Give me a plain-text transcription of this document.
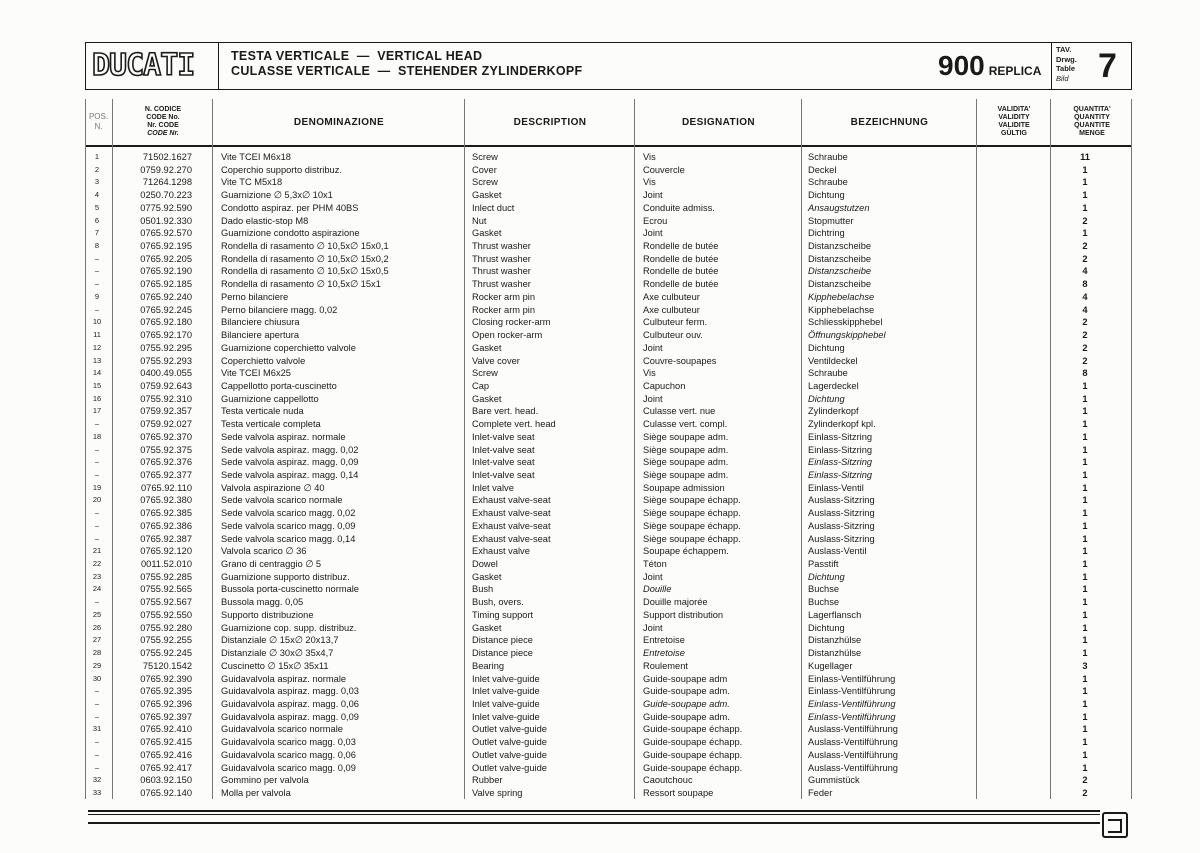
DUCATI	TESTA VERTICALE  —  VERTICAL HEAD
CULASSE VERTICALE  —  STEHENDER ZYLINDERKOPF	900 REPLICA
TAV.
Drwg.
Table
Bild 7
POS.
N.
N. CODICE
CODE No.
Nr. CODE
CODE Nr.
DENOMINAZIONE	DESCRIPTION	DESIGNATION	BEZEICHNUNG
VALIDITA'
VALIDITY
VALIDITE
GÜLTIG
QUANTITA'
QUANTITY
QUANTITE
MENGE
1	71502.1627	Vite TCEI M6x18	Screw	Vis	Schraube	11
2	0759.92.270	Coperchio supporto distribuz.	Cover	Couvercle	Deckel	1
3	71264.1298	Vite TC M5x18	Screw	Vis	Schraube	1
4	0250.70.223	Guarnizione ∅ 5,3x∅ 10x1	Gasket	Joint	Dichtung	1
5	0775.92.590	Condotto aspiraz. per PHM 40BS	Inlect duct	Conduite admiss.	Ansaugstutzen	1
6	0501.92.330	Dado elastic-stop M8	Nut	Ecrou	Stopmutter	2
7	0765.92.570	Guarnizione condotto aspirazione	Gasket	Joint	Dichtring	1
8	0765.92.195	Rondella di rasamento ∅ 10,5x∅ 15x0,1	Thrust washer	Rondelle de butée	Distanzscheibe	2
–	0765.92.205	Rondella di rasamento ∅ 10,5x∅ 15x0,2	Thrust washer	Rondelle de butée	Distanzscheibe	2
–	0765.92.190	Rondella di rasamento ∅ 10,5x∅ 15x0,5	Thrust washer	Rondelle de butée	Distanzscheibe	4
–	0765.92.185	Rondella di rasamento ∅ 10,5x∅ 15x1	Thrust washer	Rondelle de butée	Distanzscheibe	8
9	0765.92.240	Perno bilanciere	Rocker arm pin	Axe culbuteur	Kipphebelachse	4
–	0765.92.245	Perno bilanciere magg. 0,02	Rocker arm pin	Axe culbuteur	Kipphebelachse	4
10	0765.92.180	Bilanciere chiusura	Closing rocker-arm	Culbuteur ferm.	Schliesskipphebel	2
11	0765.92.170	Bilanciere apertura	Open rocker-arm	Culbuteur ouv.	Öffnungskipphebel	2
12	0755.92.295	Guarnizione coperchietto valvole	Gasket	Joint	Dichtung	2
13	0755.92.293	Coperchietto valvole	Valve cover	Couvre-soupapes	Ventildeckel	2
14	0400.49.055	Vite TCEI M6x25	Screw	Vis	Schraube	8
15	0759.92.643	Cappellotto porta-cuscinetto	Cap	Capuchon	Lagerdeckel	1
16	0755.92.310	Guarnizione cappellotto	Gasket	Joint	Dichtung	1
17	0759.92.357	Testa verticale nuda	Bare vert. head.	Culasse vert. nue	Zylinderkopf	1
–	0759.92.027	Testa verticale completa	Complete vert. head	Culasse vert. compl.	Zylinderkopf kpl.	1
18	0765.92.370	Sede valvola aspiraz. normale	Inlet-valve seat	Siège soupape adm.	Einlass-Sitzring	1
–	0755.92.375	Sede valvola aspiraz. magg. 0,02	Inlet-valve seat	Siège soupape adm.	Einlass-Sitzring	1
–	0765.92.376	Sede valvola aspiraz. magg. 0,09	Inlet-valve seat	Siège soupape adm.	Einlass-Sitzring	1
–	0765.92.377	Sede valvola aspiraz. magg. 0,14	Inlet-valve seat	Siège soupape adm.	Einlass-Sitzring	1
19	0765.92.110	Valvola aspirazione ∅ 40	Inlet valve	Soupape admission	Einlass-Ventil	1
20	0765.92.380	Sede valvola scarico normale	Exhaust valve-seat	Siège soupape échapp.	Auslass-Sitzring	1
–	0765.92.385	Sede valvola scarico magg. 0,02	Exhaust valve-seat	Siège soupape échapp.	Auslass-Sitzring	1
–	0765.92.386	Sede valvola scarico magg. 0,09	Exhaust valve-seat	Siège soupape échapp.	Auslass-Sitzring	1
–	0765.92.387	Sede valvola scarico magg. 0,14	Exhaust valve-seat	Siège soupape échapp.	Auslass-Sitzring	1
21	0765.92.120	Valvola scarico ∅ 36	Exhaust valve	Soupape échappem.	Auslass-Ventil	1
22	0011.52.010	Grano di centraggio ∅ 5	Dowel	Téton	Passtift	1
23	0755.92.285	Guarnizione supporto distribuz.	Gasket	Joint	Dichtung	1
24	0755.92.565	Bussola porta-cuscinetto normale	Bush	Douille	Buchse	1
–	0755.92.567	Bussola magg. 0,05	Bush, overs.	Douille majorée	Buchse	1
25	0755.92.550	Supporto distribuzione	Timing support	Support distribution	Lagerflansch	1
26	0755.92.280	Guarnizione cop. supp. distribuz.	Gasket	Joint	Dichtung	1
27	0755.92.255	Distanziale ∅ 15x∅ 20x13,7	Distance piece	Entretoise	Distanzhülse	1
28	0755.92.245	Distanziale ∅ 30x∅ 35x4,7	Distance piece	Entretoise	Distanzhülse	1
29	75120.1542	Cuscinetto ∅ 15x∅ 35x11	Bearing	Roulement	Kugellager	3
30	0765.92.390	Guidavalvola aspiraz. normale	Inlet valve-guide	Guide-soupape adm	Einlass-Ventilführung	1
–	0765.92.395	Guidavalvola aspiraz. magg. 0,03	Inlet valve-guide	Guide-soupape adm.	Einlass-Ventilführung	1
–	0765.92.396	Guidavalvola aspiraz. magg. 0,06	Inlet valve-guide	Guide-soupape adm.	Einlass-Ventilführung	1
–	0765.92.397	Guidavalvola aspiraz. magg. 0,09	Inlet valve-guide	Guide-soupape adm.	Einlass-Ventilführung	1
31	0765.92.410	Guidavalvola scarico normale	Outlet valve-guide	Guide-soupape échapp.	Auslass-Ventilführung	1
–	0765.92.415	Guidavalvola scarico magg. 0,03	Outlet valve-guide	Guide-soupape échapp.	Auslass-Ventilführung	1
–	0765.92.416	Guidavalvola scarico magg. 0,06	Outlet valve-guide	Guide-soupape échapp.	Auslass-Ventilführung	1
–	0765.92.417	Guidavalvola scarico magg. 0,09	Outlet valve-guide	Guide-soupape échapp.	Auslass-Ventilführung	1
32	0603.92.150	Gommino per valvola	Rubber	Caoutchouc	Gummistück	2
33	0765.92.140	Molla per valvola	Valve spring	Ressort soupape	Feder	2
